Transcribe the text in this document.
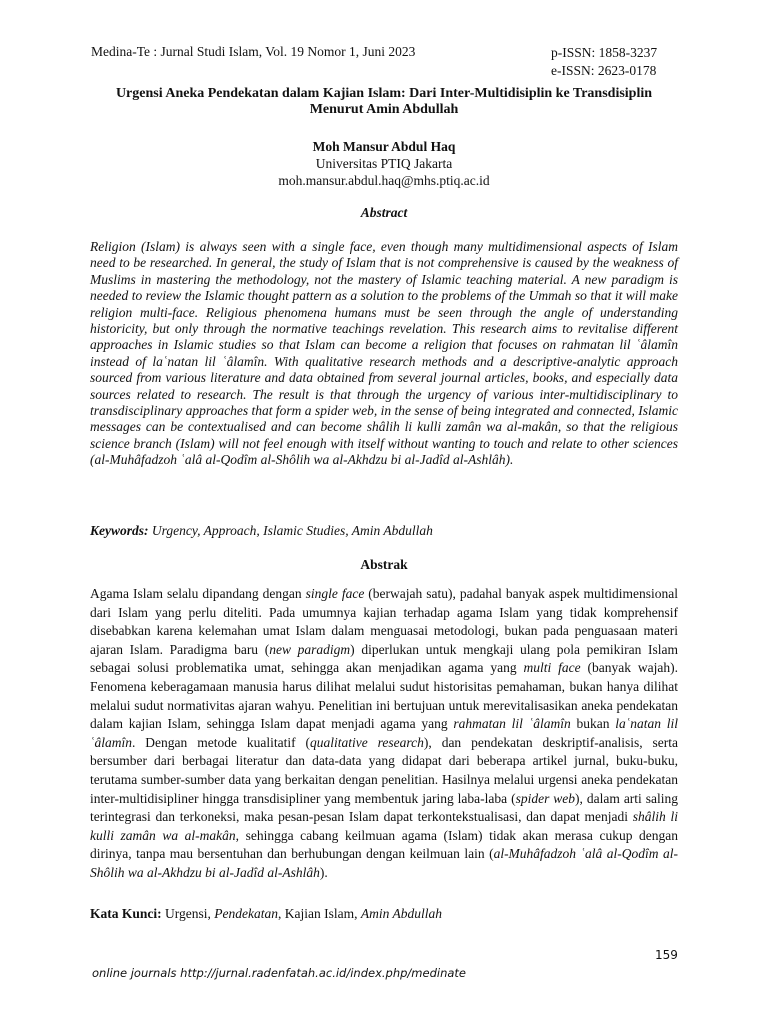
Medina-Te : Jurnal Studi Islam, Vol. 19 Nomor 1, Juni 2023	p-ISSN: 1858-3237
e-ISSN: 2623-0178
Urgensi Aneka Pendekatan dalam Kajian Islam: Dari Inter-Multidisiplin ke Transdisiplin Menurut Amin Abdullah
Moh Mansur Abdul Haq
Universitas PTIQ Jakarta
moh.mansur.abdul.haq@mhs.ptiq.ac.id
Abstract
Religion (Islam) is always seen with a single face, even though many multidimensional aspects of Islam need to be researched. In general, the study of Islam that is not comprehensive is caused by the weakness of Muslims in mastering the methodology, not the mastery of Islamic teaching material. A new paradigm is needed to review the Islamic thought pattern as a solution to the problems of the Ummah so that it will make religion multi-face. Religious phenomena humans must be seen through the angle of understanding historicity, but only through the normative teachings revelation. This research aims to revitalise different approaches in Islamic studies so that Islam can become a religion that focuses on rahmatan lil ʿâlamîn instead of laʿnatan lil ʿâlamîn. With qualitative research methods and a descriptive-analytic approach sourced from various literature and data obtained from several journal articles, books, and especially data sources related to research. The result is that through the urgency of various inter-multidisciplinary to transdisciplinary approaches that form a spider web, in the sense of being integrated and connected, Islamic messages can be contextualised and can become shâlih li kulli zamân wa al-makân, so that the religious science branch (Islam) will not feel enough with itself without wanting to touch and relate to other sciences (al-Muhâfadzoh ʿalâ al-Qodîm al-Shôlih wa al-Akhdzu bi al-Jadîd al-Ashlâh).
Keywords: Urgency, Approach, Islamic Studies, Amin Abdullah
Abstrak
Agama Islam selalu dipandang dengan single face (berwajah satu), padahal banyak aspek multidimensional dari Islam yang perlu diteliti. Pada umumnya kajian terhadap agama Islam yang tidak komprehensif disebabkan karena kelemahan umat Islam dalam menguasai metodologi, bukan pada penguasaan materi ajaran Islam. Paradigma baru (new paradigm) diperlukan untuk mengkaji ulang pola pemikiran Islam sebagai solusi problematika umat, sehingga akan menjadikan agama yang multi face (banyak wajah). Fenomena keberagamaan manusia harus dilihat melalui sudut historisitas pemahaman, bukan hanya dilihat melalui sudut normativitas ajaran wahyu. Penelitian ini bertujuan untuk merevitalisasikan aneka pendekatan dalam kajian Islam, sehingga Islam dapat menjadi agama yang rahmatan lil ʿâlamîn bukan laʿnatan lil ʿâlamîn. Dengan metode kualitatif (qualitative research), dan pendekatan deskriptif-analisis, serta bersumber dari berbagai literatur dan data-data yang didapat dari beberapa artikel jurnal, buku-buku, terutama sumber-sumber data yang berkaitan dengan penelitian. Hasilnya melalui urgensi aneka pendekatan inter-multidisipliner hingga transdisipliner yang membentuk jaring laba-laba (spider web), dalam arti saling terintegrasi dan terkoneksi, maka pesan-pesan Islam dapat terkontekstualisasi, dan dapat menjadi shâlih li kulli zamân wa al-makân, sehingga cabang keilmuan agama (Islam) tidak akan merasa cukup dengan dirinya, tanpa mau bersentuhan dan berhubungan dengan keilmuan lain (al-Muhâfadzoh ʿalâ al-Qodîm al-Shôlih wa al-Akhdzu bi al-Jadîd al-Ashlâh).
Kata Kunci: Urgensi, Pendekatan, Kajian Islam, Amin Abdullah
159
online journals http://jurnal.radenfatah.ac.id/index.php/medinate
